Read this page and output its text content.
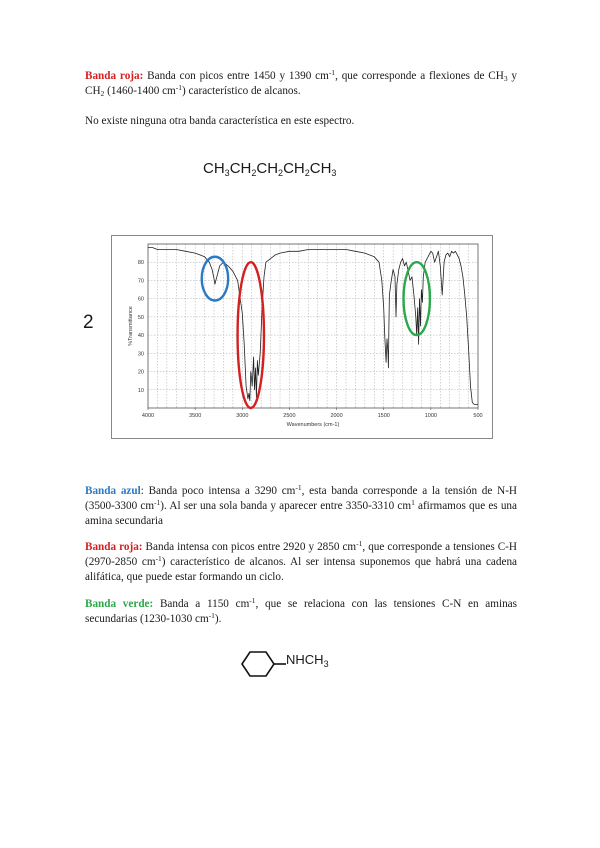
Banda roja: Banda con picos entre 1450 y 1390 $cm^{-1}$, que corresponde a flexiones de $CH_3$ y $CH_2$ (1460-1400 $cm^{-1}$) característico de alcanos.

No existe ninguna otra banda característica en este espectro.

$CH_3CH_2CH_2CH_2CH_3$
2
10
20
30
40
50
60
70
80
4000	3500	3000	2500	2000	1500	1000	500
Wavenumbers (cm-1)
%Transmittance

Banda azul: Banda poco intensa a 3290 $cm^{-1}$, esta banda corresponde a la tensión de N-H (3500-3300 $cm^{-1}$). Al ser una sola banda y aparecer entre 3350-3310 $cm^1$ afirmamos que es una amina secundaria

Banda roja: Banda intensa con picos entre 2920 y 2850 $cm^{-1}$, que corresponde a tensiones C-H (2970-2850 $cm^{-1}$) característico de alcanos. Al ser intensa suponemos que habrá una cadena alifática, que puede estar formando un ciclo.

Banda verde: Banda a 1150 $cm^{-1}$, que se relaciona con las tensiones C-N en aminas secundarias (1230-1030 $cm^{-1}$).

$NHCH_3$
